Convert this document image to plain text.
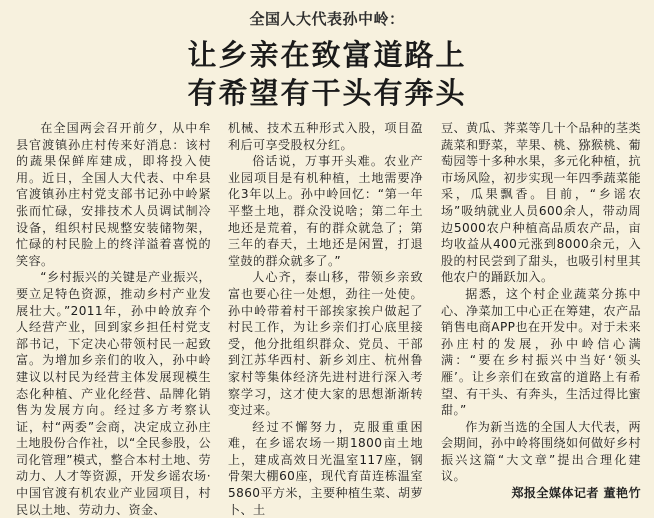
全国人大代表孙中岭：
让乡亲在致富道路上
有希望有干头有奔头

在全国两会召开前夕，从中牟县官渡镇孙庄村传来好消息：该村的蔬果保鲜库建成，即将投入使用。近日，全国人大代表、中牟县官渡镇孙庄村党支部书记孙中岭紧张而忙碌，安排技术人员调试制冷设备，组织村民规整安装储物架，忙碌的村民脸上的终洋溢着喜悦的笑容。

“乡村振兴的关键是产业振兴，要立足特色资源，推动乡村产业发展壮大。”2011年，孙中岭放弃个人经营产业，回到家乡担任村党支部书记，下定决心带领村民一起致富。为增加乡亲们的收入，孙中岭建议以村民为经营主体发展现模生态化种植、产业化经营、品牌化销售为发展方向。经过多方考察认证，村“两委”会商，决定成立孙庄土地股份合作社，以“全民参股，公司化管理”模式，整合本村土地、劳动力、人才等资源，开发乡谣农场·中国官渡有机农业产业园项目，村民以土地、劳动力、资金、

机械、技术五种形式入股，项目盈利后可享受股权分红。

俗话说，万事开头难。农业产业园项目是有机种植，土地需要净化3年以上。孙中岭回忆：“第一年平整土地，群众没说啥；第二年土地还是荒着，有的群众就急了；第三年的春天，土地还是闲置，打退堂鼓的群众就多了。”

人心齐，泰山移，带领乡亲致富也要心往一处想，劲往一处使。孙中岭带着村干部挨家挨户做起了村民工作，为让乡亲们打心底里接受，他分批组织群众、党员、干部到江苏华西村、新乡刘庄、杭州鲁家村等集体经济先进村进行深入考察学习，这才使大家的思想渐渐转变过来。

经过不懈努力，克服重重困难，在乡谣农场一期1800亩土地上，建成高效日光温室117座，钢骨架大棚60座，现代育苗连栋温室5860平方米，主要种植生菜、胡萝卜、土

豆、黄瓜、荠菜等几十个品种的茎类蔬菜和野菜，苹果、桃、猕猴桃、葡萄园等十多种水果，多元化种植，抗市场风险，初步实现一年四季蔬菜能采，瓜果飘香。目前，“乡谣农场”吸纳就业人员600余人，带动周边5000农户种植高品质农产品，亩均收益从400元涨到8000余元，入股的村民尝到了甜头，也吸引村里其他农户的踊跃加入。

据悉，这个村企业蔬菜分拣中心、净菜加工中心正在筹建，农产品销售电商APP也在开发中。对于未来孙庄村的发展，孙中岭信心满满：“要在乡村振兴中当好‘领头雁’。让乡亲们在致富的道路上有希望、有干头、有奔头，生活过得比蜜甜。”

作为新当选的全国人大代表，两会期间，孙中岭将围绕如何做好乡村振兴这篇“大文章”提出合理化建议。

郑报全媒体记者 董艳竹
